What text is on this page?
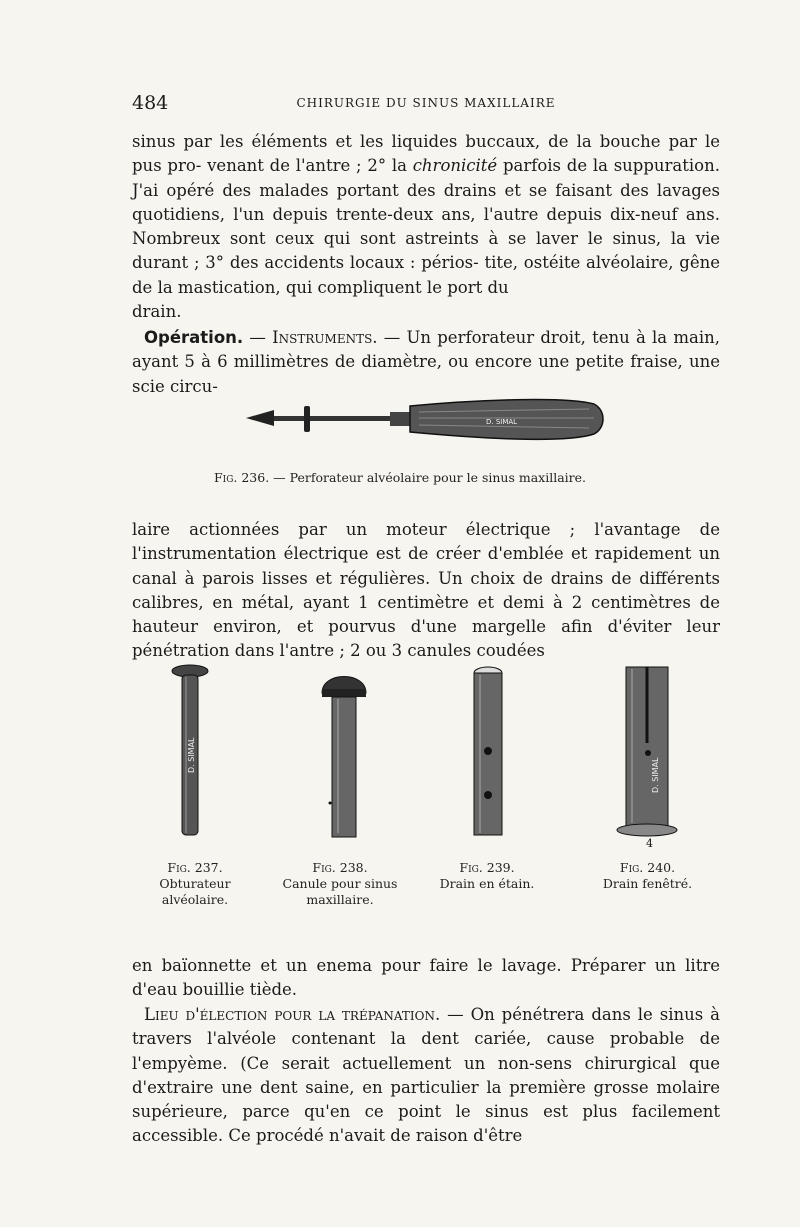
484	CHIRURGIE DU SINUS MAXILLAIRE

sinus par les éléments et les liquides buccaux, de la bouche par le pus pro- venant de l'antre ; 2° la chronicité parfois de la suppuration. J'ai opéré des malades portant des drains et se faisant des lavages quotidiens, l'un depuis trente-deux ans, l'autre depuis dix-neuf ans. Nombreux sont ceux qui sont astreints à se laver le sinus, la vie durant ; 3° des accidents locaux : périos- tite, ostéite alvéolaire, gêne de la mastication, qui compliquent le port du
drain.

Opération. — Instruments. — Un perforateur droit, tenu à la main, ayant 5 à 6 millimètres de diamètre, ou encore une petite fraise, une scie circu-

D. SIMAL
Fig. 236. — Perforateur alvéolaire pour le sinus maxillaire.

laire actionnées par un moteur électrique ; l'avantage de l'instrumentation électrique est de créer d'emblée et rapidement un canal à parois lisses et régulières. Un choix de drains de différents calibres, en métal, ayant 1 centimètre et demi à 2 centimètres de hauteur environ, et pourvus d'une margelle afin d'éviter leur pénétration dans l'antre ; 2 ou 3 canules coudées

D. SIMAL
D. SIMAL
4
Fig. 237.
Obturateur alvéolaire.
Fig. 238.
Canule pour sinus maxillaire.
Fig. 239.
Drain en étain.
Fig. 240.
Drain fenêtré.

en baïonnette et un enema pour faire le lavage. Préparer un litre d'eau bouillie tiède.

Lieu d'élection pour la trépanation. — On pénétrera dans le sinus à travers l'alvéole contenant la dent cariée, cause probable de l'empyème. (Ce serait actuellement un non-sens chirurgical que d'extraire une dent saine, en particulier la première grosse molaire supérieure, parce qu'en ce point le sinus est plus facilement accessible. Ce procédé n'avait de raison d'être
